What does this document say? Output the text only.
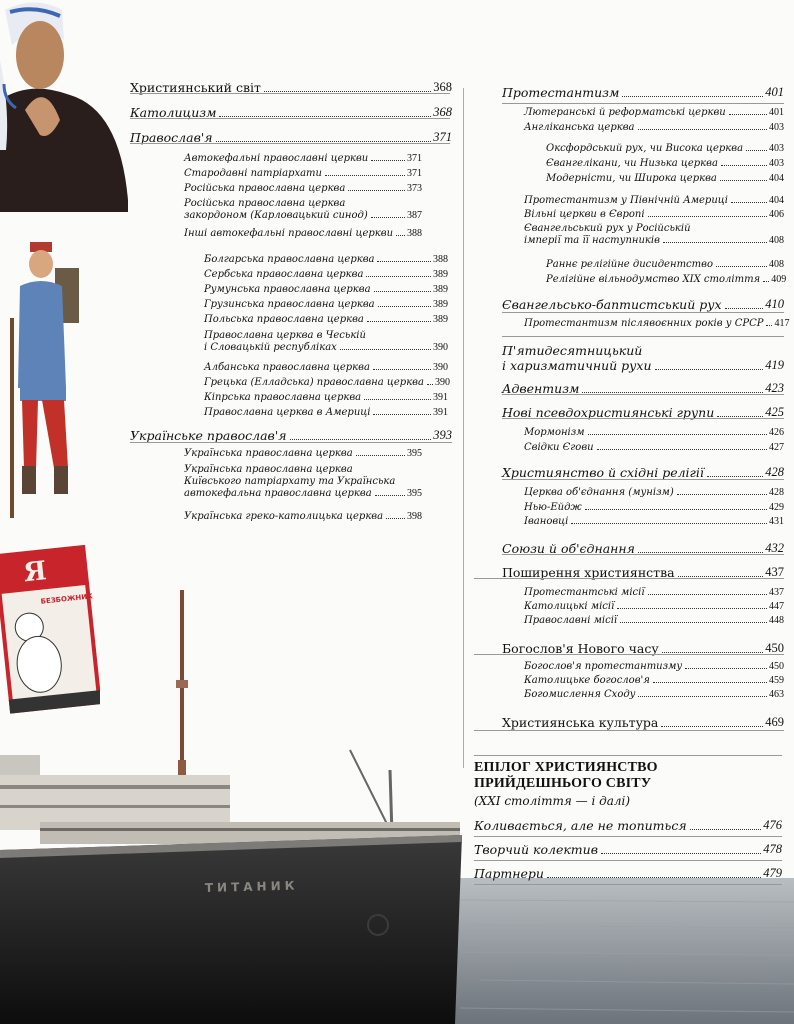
ТИТАНИК
Я
БЕЗБОЖНИК
Християнський світ	368
Католицизм	368
Православ'я	371
Автокефальні православні церкви	371
Стародавні патріархати	371
Російська православна церква	373
Російська православна церква
закордоном (Карловацький синод)	387
Інші автокефальні православні церкви 388
Болгарська православна церква	388
Сербська православна церква	389
Румунська православна церква	389
Грузинська православна церква	389
Польська православна церква	389
Православна церква в Чеській
і Словацькій республіках	390
Албанська православна церква	390
Грецька (Елладська) православна церква 390
Кіпрська православна церква	391
Православна церква в Америці	391
Українське православ'я	393
Українська православна церква	395
Українська православна церква
Київського патріархату та Українська
автокефальна православна церква	395
Українська греко-католицька церква 398
Протестантизм	401
Лютеранські й реформатські церкви	401
Англіканська церква	403
Оксфордський рух, чи Висока церква	403
Євангелікани, чи Низька церква	403
Модерністи, чи Широка церква	404
Протестантизм у Північній Америці	404
Вільні церкви в Європі	406
Євангельський рух у Російській
імперії та її наступників	408
Раннє релігійне дисидентство	408
Релігійне вільнодумство XIX століття 409
Євангельсько-баптистський рух	410
Протестантизм післявоєнних років у СРСР 417
П'ятидесятницький
і харизматичний рухи	419
Адвентизм	423
Нові псевдохристиянські групи	425
Мормонізм	426
Свідки Єгови	427
Християнство й східні релігії	428
Церква об'єднання (мунізм)	428
Нью-Ейдж	429
Івановці	431
Союзи й об'єднання	432
Поширення християнства	437
Протестантські місії	437
Католицькі місії	447
Православні місії	448
Богослов'я Нового часу	450
Богослов'я протестантизму	450
Католицьке богослов'я	459
Богомислення Сходу	463
Християнська культура	469
ЕПІЛОГ ХРИСТИЯНСТВО
ПРИЙДЕШНЬОГО СВІТУ
(XXI століття — і далі)
Коливається, але не топиться	476
Творчий колектив	478
Партнери	479
